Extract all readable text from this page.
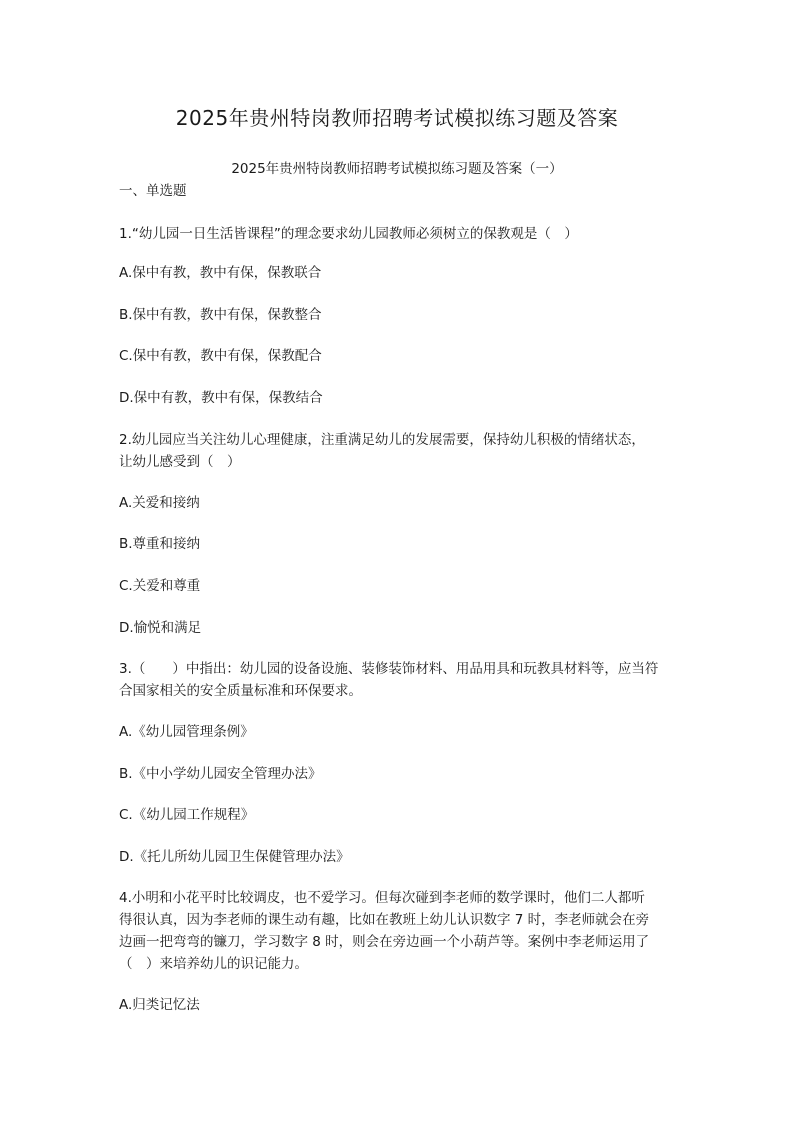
2025年贵州特岗教师招聘考试模拟练习题及答案
2025年贵州特岗教师招聘考试模拟练习题及答案（一）
一、单选题
1.“幼儿园一日生活皆课程”的理念要求幼儿园教师必须树立的保教观是（　）
A.保中有教，教中有保，保教联合
B.保中有教，教中有保，保教整合
C.保中有教，教中有保，保教配合
D.保中有教，教中有保，保教结合
2.幼儿园应当关注幼儿心理健康，注重满足幼儿的发展需要，保持幼儿积极的情绪状态，
让幼儿感受到（　）
A.关爱和接纳
B.尊重和接纳
C.关爱和尊重
D.愉悦和满足
3.（　　）中指出：幼儿园的设备设施、装修装饰材料、用品用具和玩教具材料等，应当符
合国家相关的安全质量标准和环保要求。
A.《幼儿园管理条例》
B.《中小学幼儿园安全管理办法》
C.《幼儿园工作规程》
D.《托儿所幼儿园卫生保健管理办法》
4.小明和小花平时比较调皮，也不爱学习。但每次碰到李老师的数学课时，他们二人都听
得很认真，因为李老师的课生动有趣，比如在教班上幼儿认识数字 7 时，李老师就会在旁
边画一把弯弯的镰刀，学习数字 8 时，则会在旁边画一个小葫芦等。案例中李老师运用了
（　）来培养幼儿的识记能力。
A.归类记忆法
